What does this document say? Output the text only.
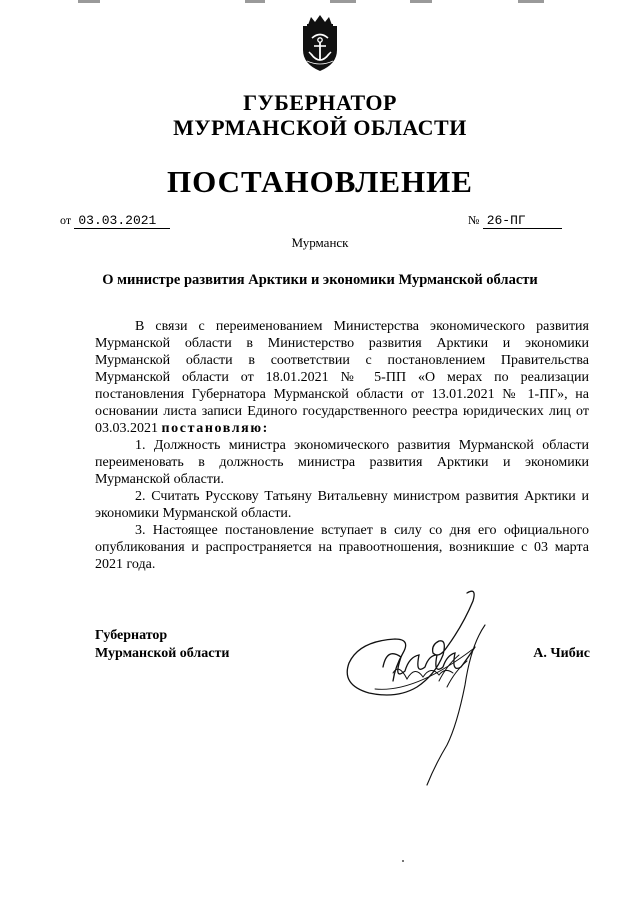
ГУБЕРНАТОР
МУРМАНСКОЙ ОБЛАСТИ
ПОСТАНОВЛЕНИЕ
от 03.03.2021	№ 26-ПГ
Мурманск
О министре развития Арктики и экономики Мурманской области

В связи с переименованием Министерства экономического развития Мурманской области в Министерство развития Арктики и экономики Мурманской области в соответствии с постановлением Правительства Мурманской области от 18.01.2021 № 5-ПП «О мерах по реализации постановления Губернатора Мурманской области от 13.01.2021 № 1-ПГ», на основании листа записи Единого государственного реестра юридических лиц от 03.03.2021 постановляю:

1. Должность министра экономического развития Мурманской области переименовать в должность министра развития Арктики и экономики Мурманской области.

2. Считать Русскову Татьяну Витальевну министром развития Арктики и экономики Мурманской области.

3. Настоящее постановление вступает в силу со дня его официального опубликования и распространяется на правоотношения, возникшие с 03 марта 2021 года.

Губернатор
Мурманской области	А. Чибис
